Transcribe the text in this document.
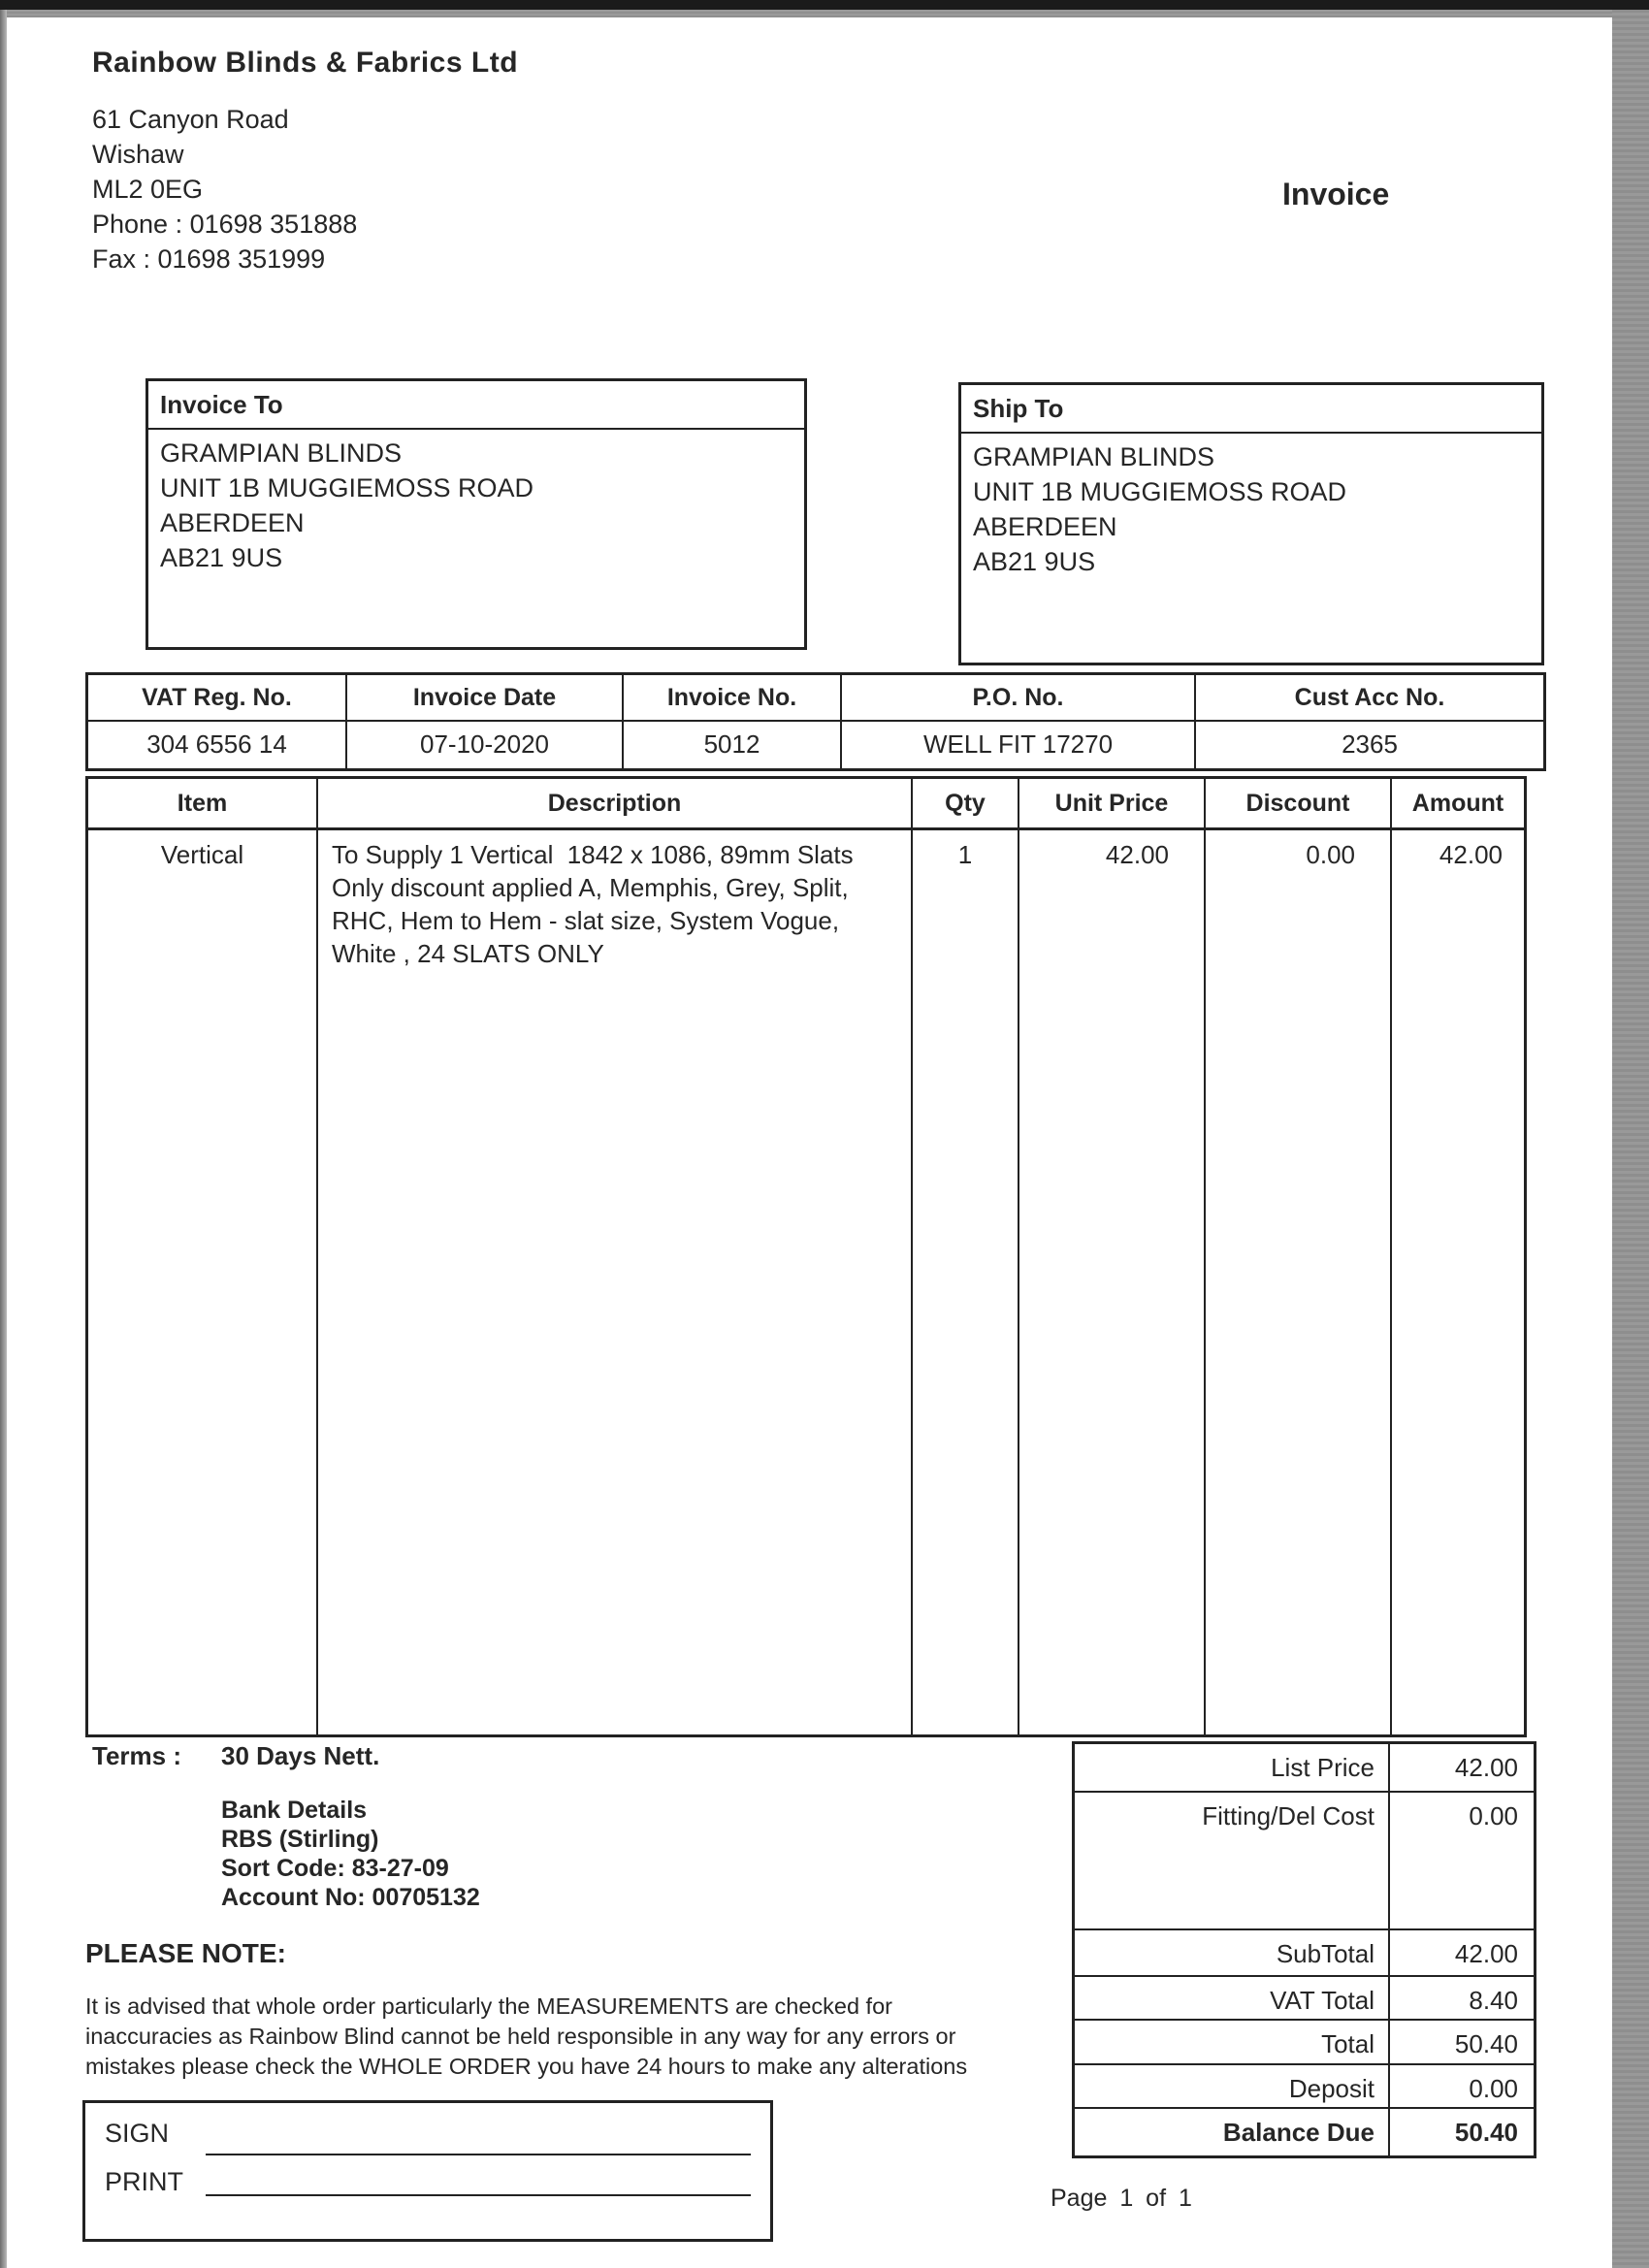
Rainbow Blinds & Fabrics Ltd
61 Canyon Road
Wishaw
ML2 0EG
Phone : 01698 351888
Fax : 01698 351999
Invoice
Invoice To
GRAMPIAN BLINDS
UNIT 1B MUGGIEMOSS ROAD
ABERDEEN
AB21 9US
Ship To
GRAMPIAN BLINDS
UNIT 1B MUGGIEMOSS ROAD
ABERDEEN
AB21 9US
VAT Reg. No.	Invoice Date	Invoice No.	P.O. No.	Cust Acc No.
304 6556 14	07-10-2020	5012	WELL FIT 17270	2365
Item	Description	Qty	Unit Price	Discount	Amount
Vertical	To Supply 1 Vertical  1842 x 1086, 89mm Slats
Only discount applied A, Memphis, Grey, Split,
RHC, Hem to Hem - slat size, System Vogue,
White , 24 SLATS ONLY
1	42.00	0.00	42.00
Terms : 30 Days Nett.
Bank Details
RBS (Stirling)
Sort Code: 83-27-09
Account No: 00705132
PLEASE NOTE:
It is advised that whole order particularly the MEASUREMENTS are checked for
inaccuracies as Rainbow Blind cannot be held responsible in any way for any errors or
mistakes please check the WHOLE ORDER you have 24 hours to make any alterations
List Price	42.00
Fitting/Del Cost	0.00
SubTotal	42.00
VAT Total	8.40
Total	50.40
Deposit	0.00
Balance Due	50.40
SIGN
PRINT
Page 1 of 1
